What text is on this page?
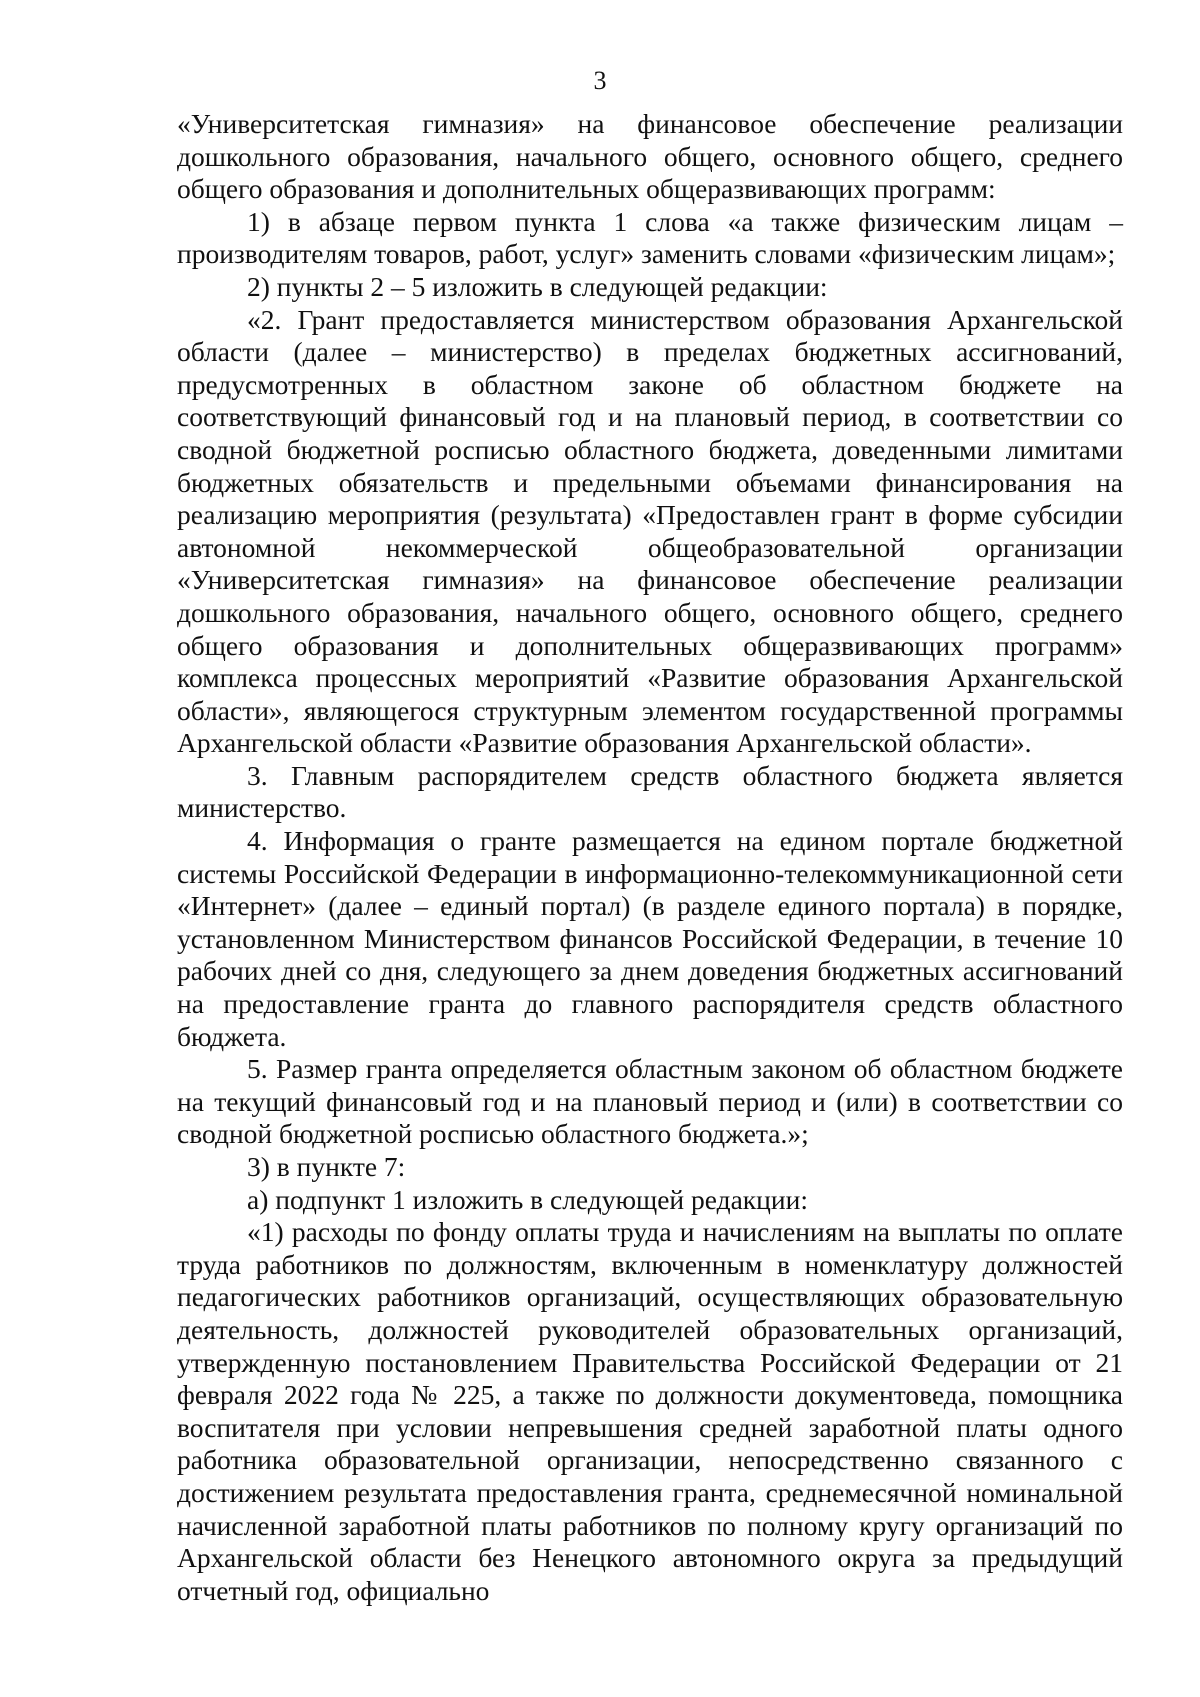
3

«Университетская гимназия» на финансовое обеспечение реализации дошкольного образования, начального общего, основного общего, среднего общего образования и дополнительных общеразвивающих программ:

1) в абзаце первом пункта 1 слова «а также физическим лицам – производителям товаров, работ, услуг» заменить словами «физическим лицам»;

2) пункты 2 – 5 изложить в следующей редакции:

«2. Грант предоставляется министерством образования Архангельской области (далее – министерство) в пределах бюджетных ассигнований, предусмотренных в областном законе об областном бюджете на соответствующий финансовый год и на плановый период, в соответствии со сводной бюджетной росписью областного бюджета, доведенными лимитами бюджетных обязательств и предельными объемами финансирования на реализацию мероприятия (результата) «Предоставлен грант в форме субсидии автономной некоммерческой общеобразовательной организации «Университетская гимназия» на финансовое обеспечение реализации дошкольного образования, начального общего, основного общего, среднего общего образования и дополнительных общеразвивающих программ» комплекса процессных мероприятий «Развитие образования Архангельской области», являющегося структурным элементом государственной программы Архангельской области «Развитие образования Архангельской области».

3. Главным распорядителем средств областного бюджета является министерство.

4. Информация о гранте размещается на едином портале бюджетной системы Российской Федерации в информационно-телекоммуникационной сети «Интернет» (далее – единый портал) (в разделе единого портала) в порядке, установленном Министерством финансов Российской Федерации, в течение 10 рабочих дней со дня, следующего за днем доведения бюджетных ассигнований на предоставление гранта до главного распорядителя средств областного бюджета.

5. Размер гранта определяется областным законом об областном бюджете на текущий финансовый год и на плановый период и (или) в соответствии со сводной бюджетной росписью областного бюджета.»;

3) в пункте 7:

а) подпункт 1 изложить в следующей редакции:

«1) расходы по фонду оплаты труда и начислениям на выплаты по оплате труда работников по должностям, включенным в номенклатуру должностей педагогических работников организаций, осуществляющих образовательную деятельность, должностей руководителей образовательных организаций, утвержденную постановлением Правительства Российской Федерации от 21 февраля 2022 года № 225, а также по должности документоведа, помощника воспитателя при условии непревышения средней заработной платы одного работника образовательной организации, непосредственно связанного с достижением результата предоставления гранта, среднемесячной номинальной начисленной заработной платы работников по полному кругу организаций по Архангельской области без Ненецкого автономного округа за предыдущий отчетный год, официально
